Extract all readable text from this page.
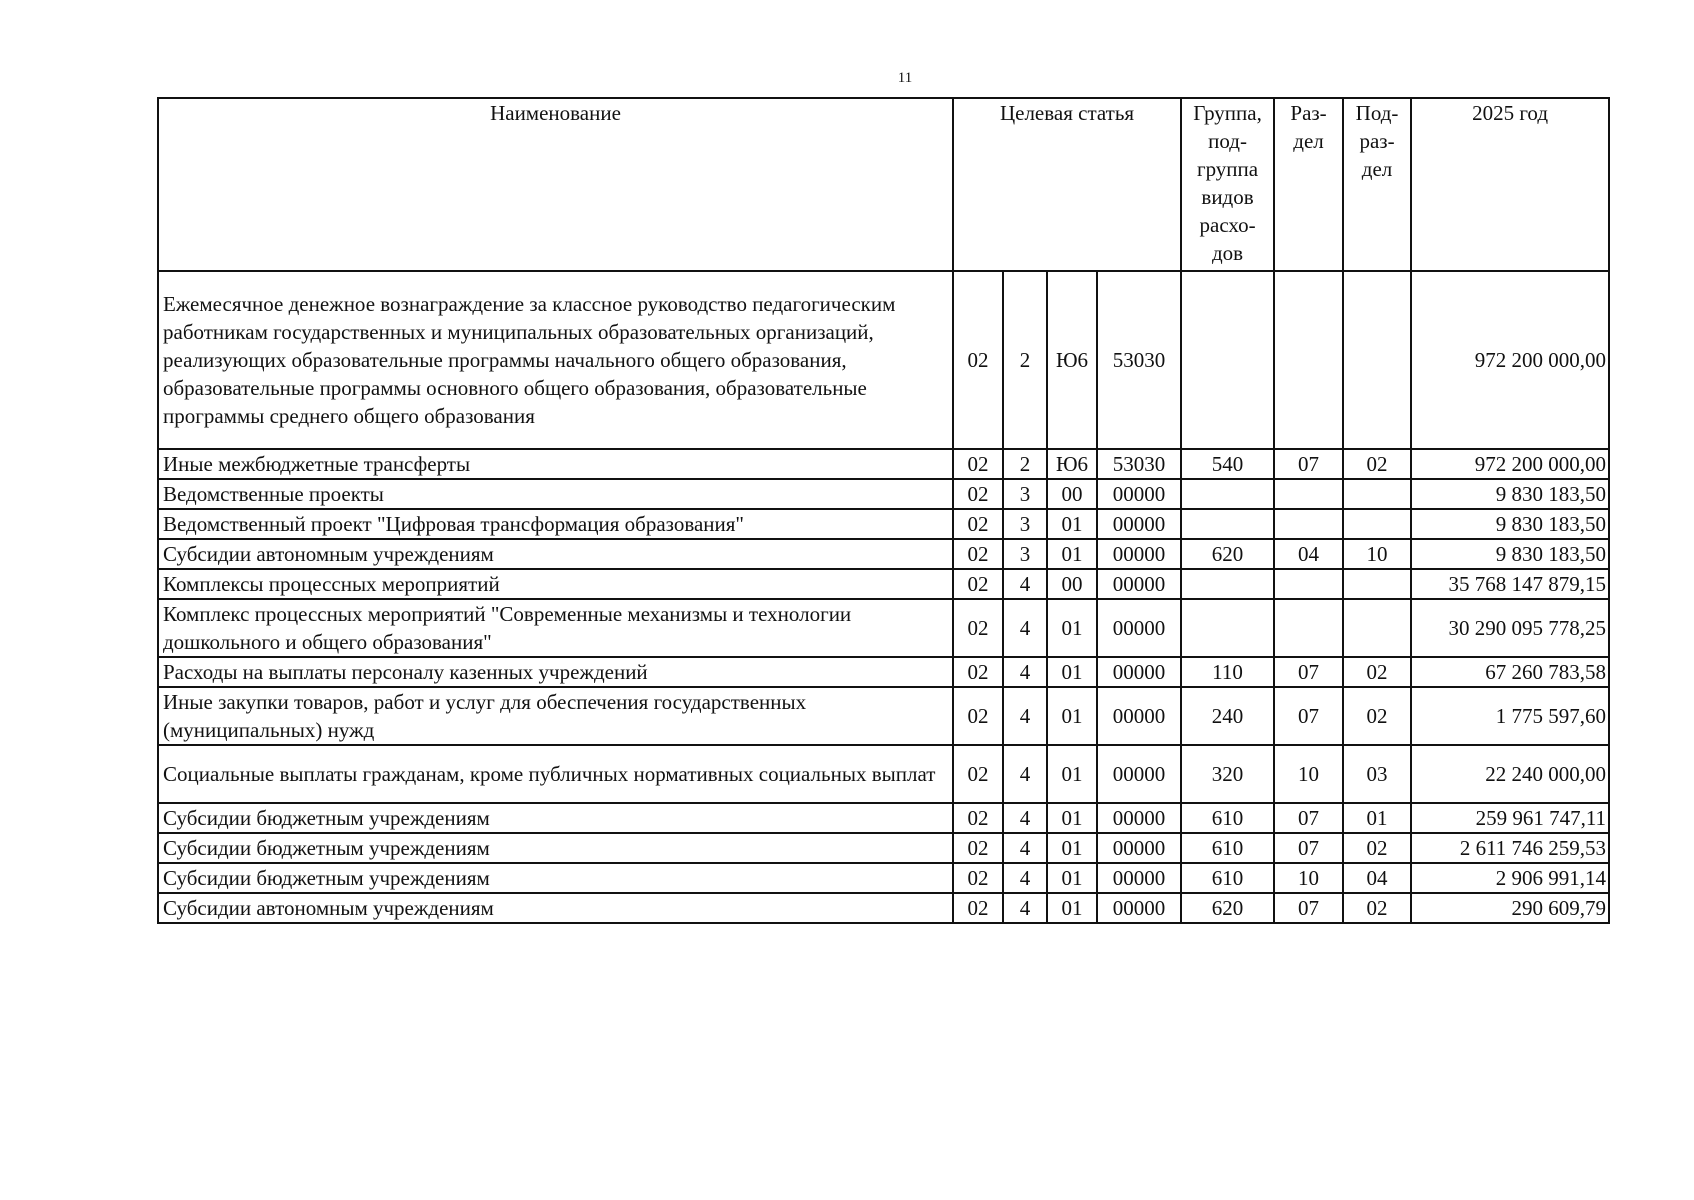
11
Наименование	Целевая статья				Группа, под-группа видов расхо-дов	Раз-дел	Под-раз-дел	2025 год
Ежемесячное денежное вознаграждение за классное руководство педагогическим работникам государственных и муниципальных образовательных организаций, реализующих образовательные программы начального общего образования, образовательные программы основного общего образования, образовательные программы среднего общего образования	02	2	Ю6	53030				972 200 000,00
Иные межбюджетные трансферты	02	2	Ю6	53030	540	07	02	972 200 000,00
Ведомственные проекты	02	3	00	00000				9 830 183,50
Ведомственный проект "Цифровая трансформация образования"	02	3	01	00000				9 830 183,50
Субсидии автономным учреждениям	02	3	01	00000	620	04	10	9 830 183,50
Комплексы процессных мероприятий	02	4	00	00000				35 768 147 879,15
Комплекс процессных мероприятий "Современные механизмы и технологии дошкольного и общего образования"	02	4	01	00000				30 290 095 778,25
Расходы на выплаты персоналу казенных учреждений	02	4	01	00000	110	07	02	67 260 783,58
Иные закупки товаров, работ и услуг для обеспечения государственных (муниципальных) нужд	02	4	01	00000	240	07	02	1 775 597,60
Социальные выплаты гражданам, кроме публичных нормативных социальных выплат	02	4	01	00000	320	10	03	22 240 000,00
Субсидии бюджетным учреждениям	02	4	01	00000	610	07	01	259 961 747,11
Субсидии бюджетным учреждениям	02	4	01	00000	610	07	02	2 611 746 259,53
Субсидии бюджетным учреждениям	02	4	01	00000	610	10	04	2 906 991,14
Субсидии автономным учреждениям	02	4	01	00000	620	07	02	290 609,79
